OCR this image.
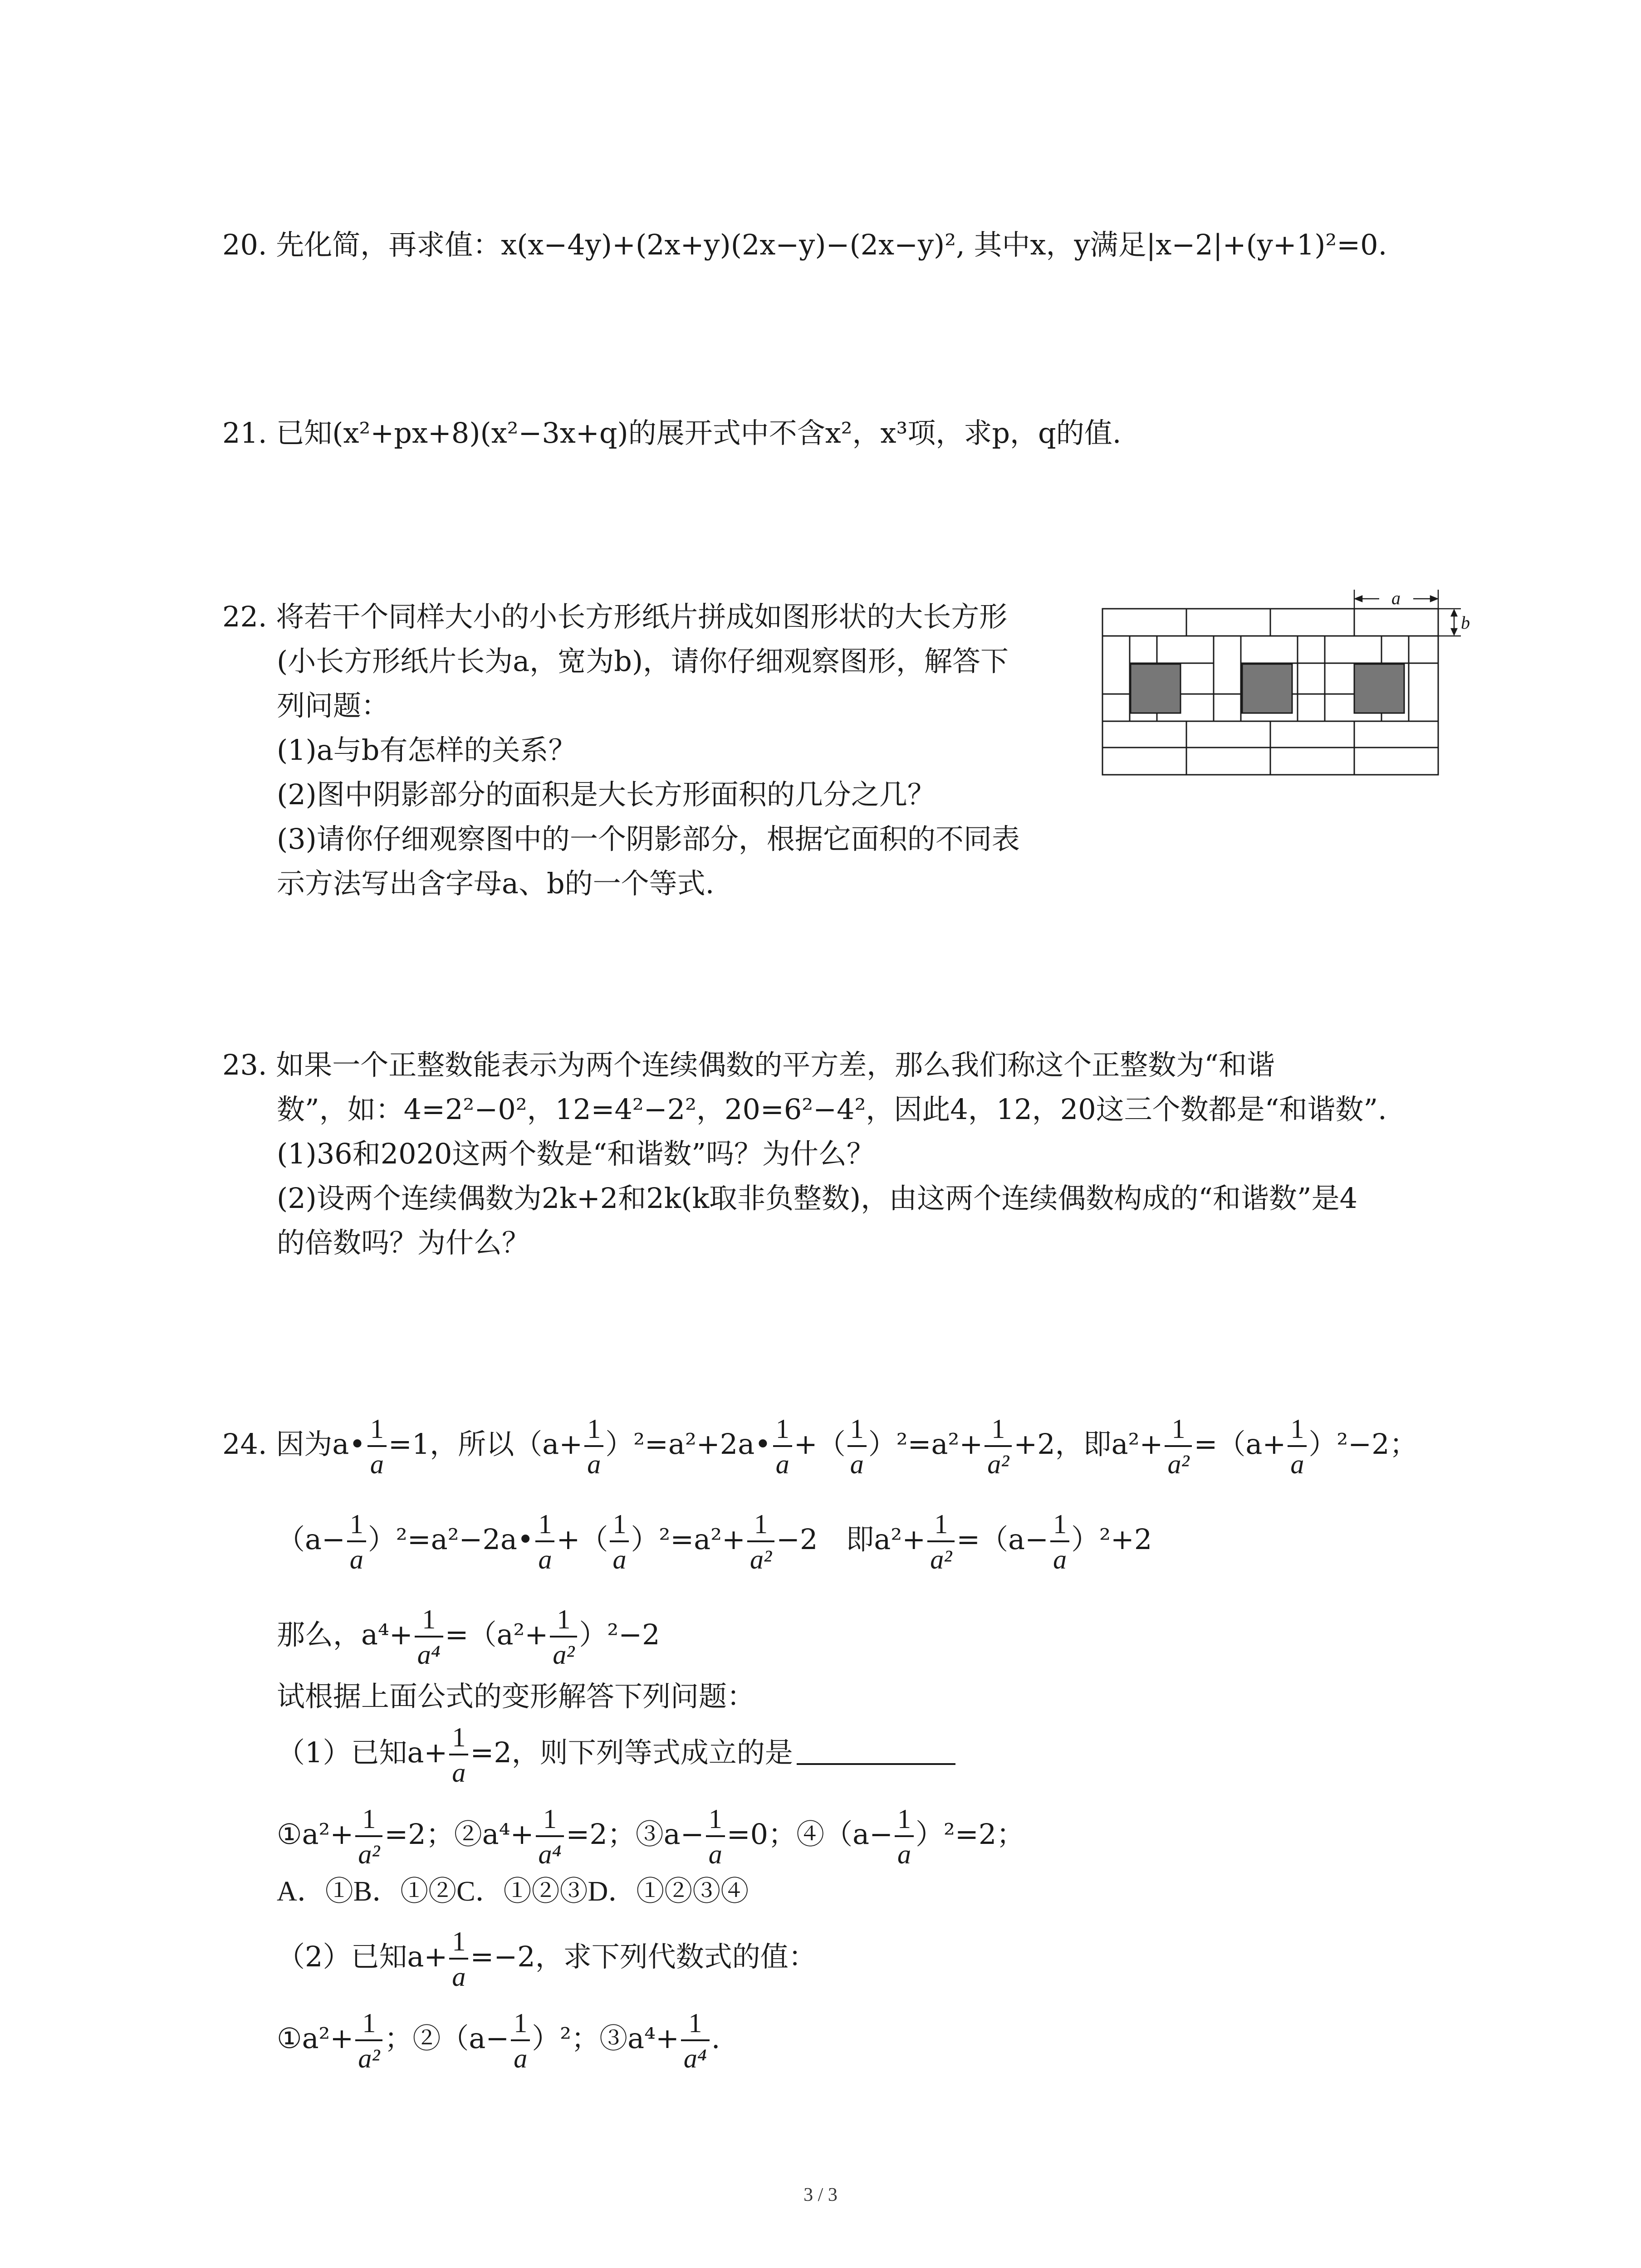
20. 先化简，再求值：x(x−4y)+(2x+y)(2x−y)−(2x−y)², 其中x，y满足|x−2|+(y+1)²=0.
21. 已知(x²+px+8)(x²−3x+q)的展开式中不含x²，x³项，求p，q的值.
22. 将若干个同样大小的小长方形纸片拼成如图形状的大长方形
(小长方形纸片长为a，宽为b)，请你仔细观察图形，解答下
列问题：
(1)a与b有怎样的关系？
(2)图中阴影部分的面积是大长方形面积的几分之几？
(3)请你仔细观察图中的一个阴影部分，根据它面积的不同表
示方法写出含字母a、b的一个等式.
a
b
23. 如果一个正整数能表示为两个连续偶数的平方差，那么我们称这个正整数为“和谐
数”，如：4=2²−0²，12=4²−2²，20=6²−4²，因此4，12，20这三个数都是“和谐数”.
(1)36和2020这两个数是“和谐数”吗？为什么？
(2)设两个连续偶数为2k+2和2k(k取非负整数)，由这两个连续偶数构成的“和谐数”是4
的倍数吗？为什么？
24. 因为a• $\frac{1}{a} =1$，所以（$a+ \frac{1}{a}$ ）²=a²+2a• $\frac{1}{a}$ +（ $\frac{1}{a} )^2=a^2+ \frac{1}{\text{a²}} +2$，即$a^2+ \frac{1}{\text{a²}} =(a+ \frac{1}{a} )^2-2$；
（$a- \frac{1}{a}$ ）²=a²−2a• $\frac{1}{a}$ +（ $\frac{1}{a} )^2=a^2+ \frac{1}{\text{a²}} -2$　即$a^2+ \frac{1}{\text{a²}} =(a- \frac{1}{a} )^2+2$
那么，$a^4+ \frac{1}{\text{a⁴}} =(a^2+ \frac{1}{\text{a²}} )^2-2$
试根据上面公式的变形解答下列问题：
（1）已知$a+ \frac{1}{a} =2$，则下列等式成立的是
①a²+ $\frac{1}{\text{a²}} =2$；②a⁴+ $\frac{1}{\text{a⁴}} =2$；③a− $\frac{1}{a} =0$；④（a− $\frac{1}{a} )^2=2$；
A．①B．①②C．①②③D．①②③④
（2）已知$a+ \frac{1}{a} =-2$，求下列代数式的值：
①a²+ $\frac{1}{\text{a²}}$ ；②（a− $\frac{1}{a} )^2$；③a⁴+ $\frac{1}{\text{a⁴}}$ .
3 / 3
